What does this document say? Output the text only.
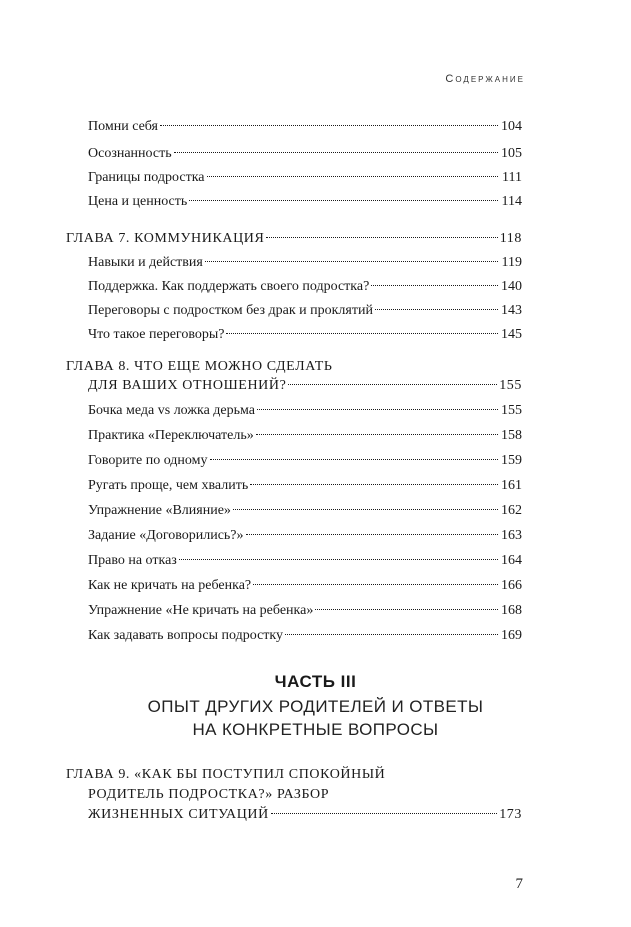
Содержание
Помни себя	104
Осознанность	105
Границы подростка	111
Цена и ценность	114
ГЛАВА 7. КОММУНИКАЦИЯ	118
Навыки и действия	119
Поддержка. Как поддержать своего подростка?	140
Переговоры с подростком без драк и проклятий	143
Что такое переговоры?	145
ГЛАВА 8. ЧТО ЕЩЕ МОЖНО СДЕЛАТЬ
ДЛЯ ВАШИХ ОТНОШЕНИЙ?	155
Бочка меда vs ложка дерьма	155
Практика «Переключатель»	158
Говорите по одному	159
Ругать проще, чем хвалить	161
Упражнение «Влияние»	162
Задание «Договорились?»	163
Право на отказ	164
Как не кричать на ребенка?	166
Упражнение «Не кричать на ребенка»	168
Как задавать вопросы подростку	169
ЧАСТЬ III
ОПЫТ ДРУГИХ РОДИТЕЛЕЙ И ОТВЕТЫ
НА КОНКРЕТНЫЕ ВОПРОСЫ
ГЛАВА 9. «КАК БЫ ПОСТУПИЛ СПОКОЙНЫЙ
РОДИТЕЛЬ ПОДРОСТКА?» РАЗБОР
ЖИЗНЕННЫХ СИТУАЦИЙ	173
7
